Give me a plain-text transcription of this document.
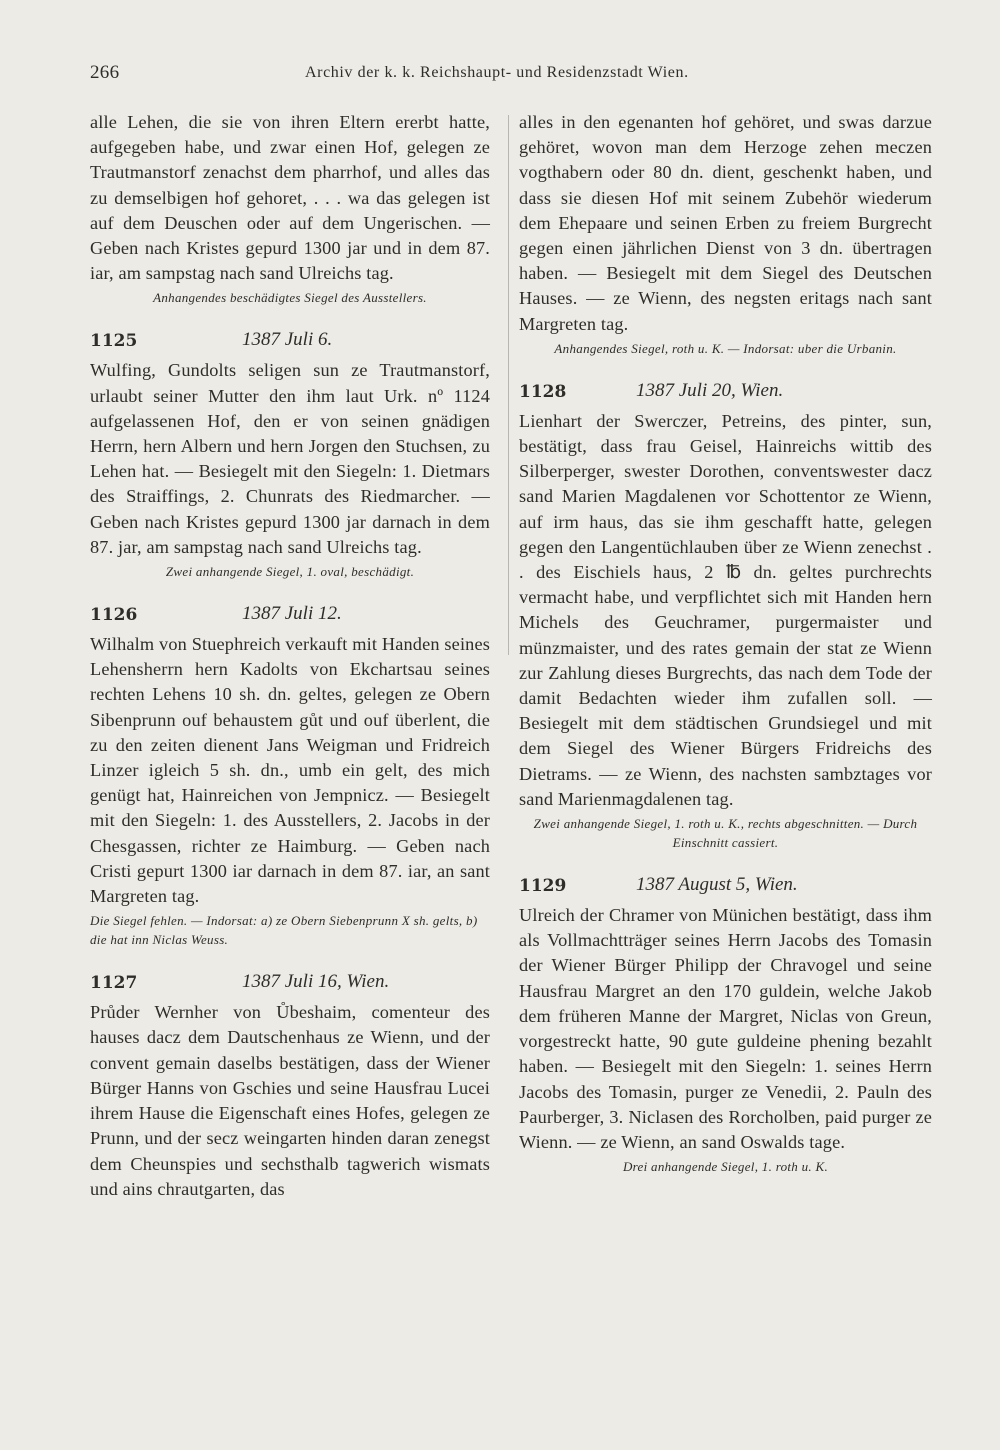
266	Archiv der k. k. Reichshaupt- und Residenzstadt Wien.

alle Lehen, die sie von ihren Eltern ererbt hatte, aufgegeben habe, und zwar einen Hof, gelegen ze Trautmanstorf zenachst dem pharrhof, und alles das zu demselbigen hof gehoret, . . . wa das gelegen ist auf dem Deuschen oder auf dem Ungerischen. — Geben nach Kristes gepurd 1300 jar und in dem 87. iar, am sampstag nach sand Ulreichs tag.

Anhangendes beschädigtes Siegel des Ausstellers.

1125	1387 Juli 6.

Wulfing, Gundolts seligen sun ze Trautmanstorf, urlaubt seiner Mutter den ihm laut Urk. nº 1124 aufgelassenen Hof, den er von seinen gnädigen Herrn, hern Albern und hern Jorgen den Stuchsen, zu Lehen hat. — Besiegelt mit den Siegeln: 1. Dietmars des Straiffings, 2. Chunrats des Riedmarcher. — Geben nach Kristes gepurd 1300 jar darnach in dem 87. jar, am sampstag nach sand Ulreichs tag.

Zwei anhangende Siegel, 1. oval, beschädigt.

1126	1387 Juli 12.

Wilhalm von Stuephreich verkauft mit Handen seines Lehensherrn hern Kadolts von Ekchartsau seines rechten Lehens 10 sh. dn. geltes, gelegen ze Obern Sibenprunn ouf behaustem gůt und ouf überlent, die zu den zeiten dienent Jans Weigman und Fridreich Linzer igleich 5 sh. dn., umb ein gelt, des mich genügt hat, Hainreichen von Jempnicz. — Besiegelt mit den Siegeln: 1. des Ausstellers, 2. Jacobs in der Chesgassen, richter ze Haimburg. — Geben nach Cristi gepurt 1300 iar darnach in dem 87. iar, an sant Margreten tag.

Die Siegel fehlen. — Indorsat: a) ze Obern Siebenprunn X sh. gelts, b) die hat inn Niclas Weuss.

1127	1387 Juli 16, Wien.

Průder Wernher von Ůbeshaim, comenteur des hauses dacz dem Dautschenhaus ze Wienn, und der convent gemain daselbs bestätigen, dass der Wiener Bürger Hanns von Gschies und seine Hausfrau Lucei ihrem Hause die Eigenschaft eines Hofes, gelegen ze Prunn, und der secz weingarten hinden daran zenegst dem Cheunspies und sechsthalb tagwerich wismats und ains chrautgarten, das

alles in den egenanten hof gehöret, und swas darzue gehöret, wovon man dem Herzoge zehen meczen vogthabern oder 80 dn. dient, geschenkt haben, und dass sie diesen Hof mit seinem Zubehör wiederum dem Ehepaare und seinen Erben zu freiem Burgrecht gegen einen jährlichen Dienst von 3 dn. übertragen haben. — Besiegelt mit dem Siegel des Deutschen Hauses. — ze Wienn, des negsten eritags nach sant Margreten tag.

Anhangendes Siegel, roth u. K. — Indorsat: uber die Urbanin.

1128	1387 Juli 20, Wien.

Lienhart der Swerczer, Petreins, des pinter, sun, bestätigt, dass frau Geisel, Hainreichs wittib des Silberperger, swester Dorothen, conventswester dacz sand Marien Magdalenen vor Schottentor ze Wienn, auf irm haus, das sie ihm geschafft hatte, gelegen gegen den Langentüchlauben über ze Wienn zenechst . . des Eischiels haus, 2 ℔ dn. geltes purchrechts vermacht habe, und verpflichtet sich mit Handen hern Michels des Geuchramer, purgermaister und münzmaister, und des rates gemain der stat ze Wienn zur Zahlung dieses Burgrechts, das nach dem Tode der damit Bedachten wieder ihm zufallen soll. — Besiegelt mit dem städtischen Grundsiegel und mit dem Siegel des Wiener Bürgers Fridreichs des Dietrams. — ze Wienn, des nachsten sambztages vor sand Marienmagdalenen tag.

Zwei anhangende Siegel, 1. roth u. K., rechts abgeschnitten. — Durch Einschnitt cassiert.

1129	1387 August 5, Wien.

Ulreich der Chramer von Münichen bestätigt, dass ihm als Vollmachtträger seines Herrn Jacobs des Tomasin der Wiener Bürger Philipp der Chravogel und seine Hausfrau Margret an den 170 guldein, welche Jakob dem früheren Manne der Margret, Niclas von Greun, vorgestreckt hatte, 90 gute guldeine phening bezahlt haben. — Besiegelt mit den Siegeln: 1. seines Herrn Jacobs des Tomasin, purger ze Venedii, 2. Pauln des Paurberger, 3. Niclasen des Rorcholben, paid purger ze Wienn. — ze Wienn, an sand Oswalds tage.

Drei anhangende Siegel, 1. roth u. K.
